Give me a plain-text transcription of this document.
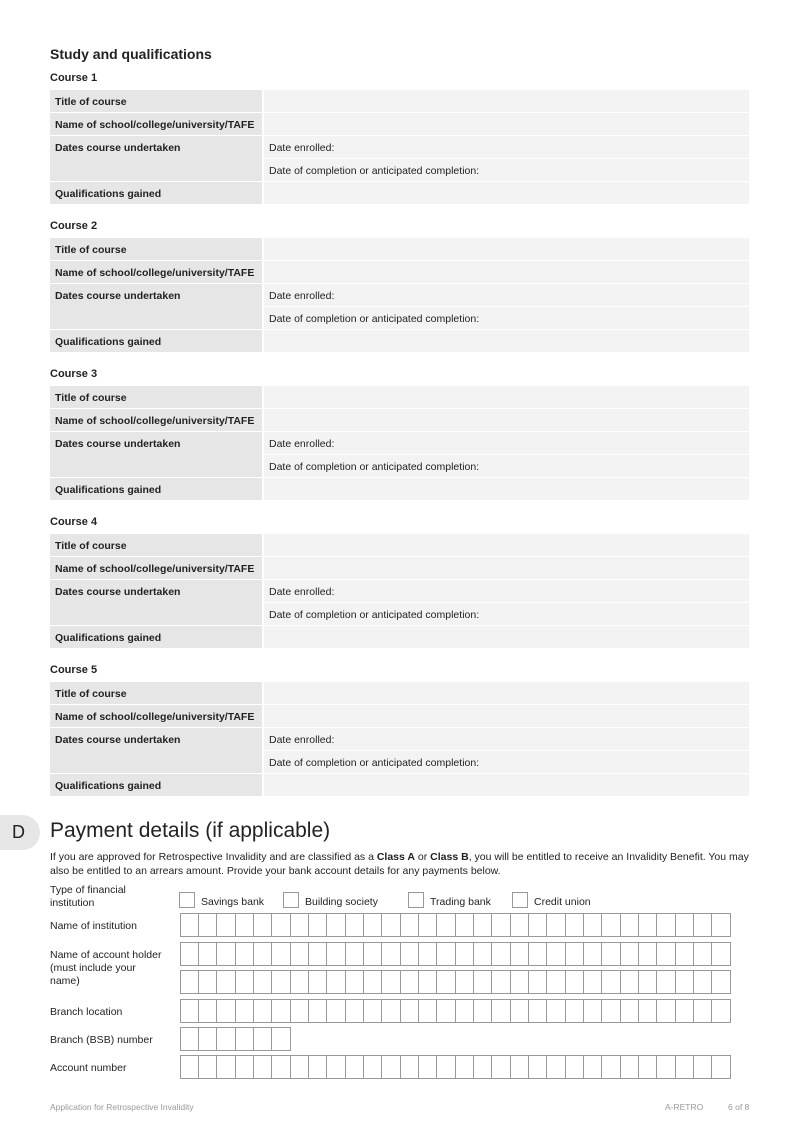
Study and qualifications
Course 1
Title of course
Name of school/college/university/TAFE
Dates course undertaken	Date enrolled:
Date of completion or anticipated completion:
Qualifications gained
Course 2
Title of course
Name of school/college/university/TAFE
Dates course undertaken	Date enrolled:
Date of completion or anticipated completion:
Qualifications gained
Course 3
Title of course
Name of school/college/university/TAFE
Dates course undertaken	Date enrolled:
Date of completion or anticipated completion:
Qualifications gained
Course 4
Title of course
Name of school/college/university/TAFE
Dates course undertaken	Date enrolled:
Date of completion or anticipated completion:
Qualifications gained
Course 5
Title of course
Name of school/college/university/TAFE
Dates course undertaken	Date enrolled:
Date of completion or anticipated completion:
Qualifications gained
D	Payment details (if applicable)
If you are approved for Retrospective Invalidity and are classified as a Class A or Class B, you will be entitled to receive an Invalidity Benefit. You may also be entitled to an arrears amount. Provide your bank account details for any payments below.
Type of financial institution	Savings bank	Building society	Trading bank	Credit union
Name of institution
Name of account holder (must include your name)
Branch location
Branch (BSB) number
Account number
Application for Retrospective Invalidity	A-RETRO	6 of 8
